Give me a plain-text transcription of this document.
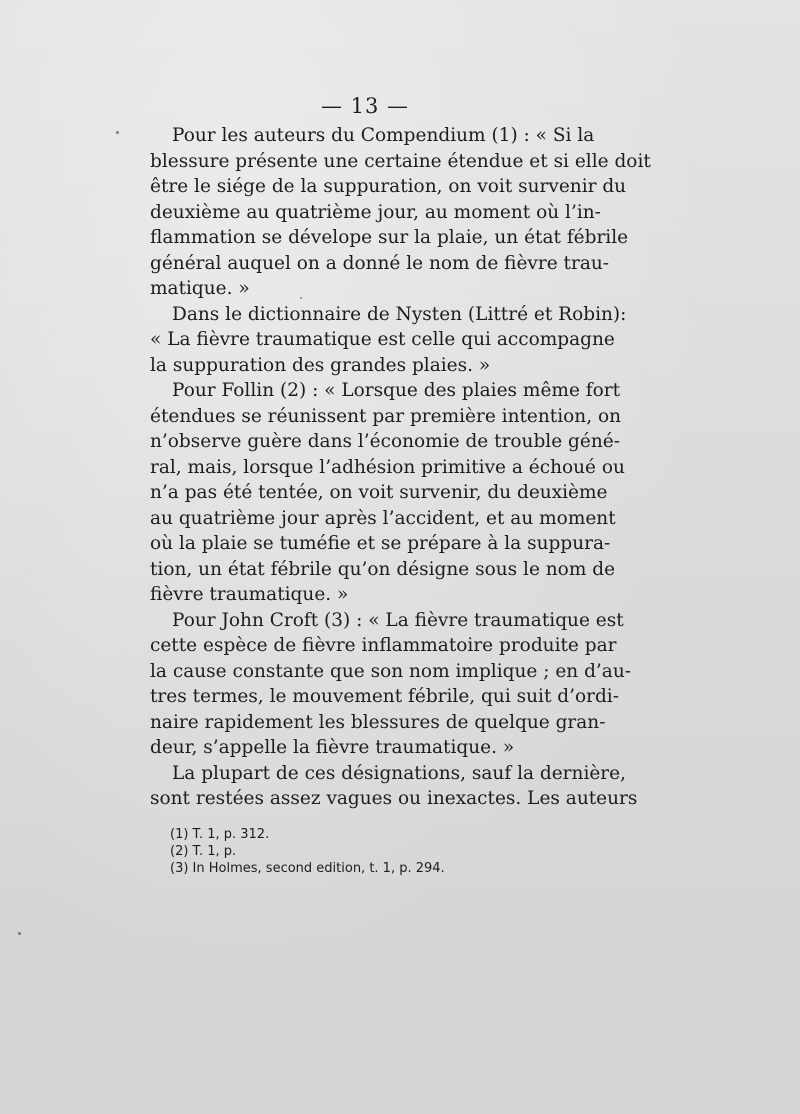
— 13 —
Pour les auteurs du Compendium (1) : « Si la
blessure présente une certaine étendue et si elle doit
être le siége de la suppuration, on voit survenir du
deuxième au quatrième jour, au moment où l’in-
flammation se dévelope sur la plaie, un état fébrile
général auquel on a donné le nom de fièvre trau-
matique. »
Dans le dictionnaire de Nysten (Littré et Robin):
« La fièvre traumatique est celle qui accompagne
la suppuration des grandes plaies. »
Pour Follin (2) : « Lorsque des plaies même fort
étendues se réunissent par première intention, on
n’observe guère dans l’économie de trouble géné-
ral, mais, lorsque l’adhésion primitive a échoué ou
n’a pas été tentée, on voit survenir, du deuxième
au quatrième jour après l’accident, et au moment
où la plaie se tuméfie et se prépare à la suppura-
tion, un état fébrile qu’on désigne sous le nom de
fièvre traumatique. »
Pour John Croft (3) : « La fièvre traumatique est
cette espèce de fièvre inflammatoire produite par
la cause constante que son nom implique ; en d’au-
tres termes, le mouvement fébrile, qui suit d’ordi-
naire rapidement les blessures de quelque gran-
deur, s’appelle la fièvre traumatique. »
La plupart de ces désignations, sauf la dernière,
sont restées assez vagues ou inexactes. Les auteurs
(1) T. 1, p. 312.
(2) T. 1, p.
(3) In Holmes, second edition, t. 1, p. 294.
